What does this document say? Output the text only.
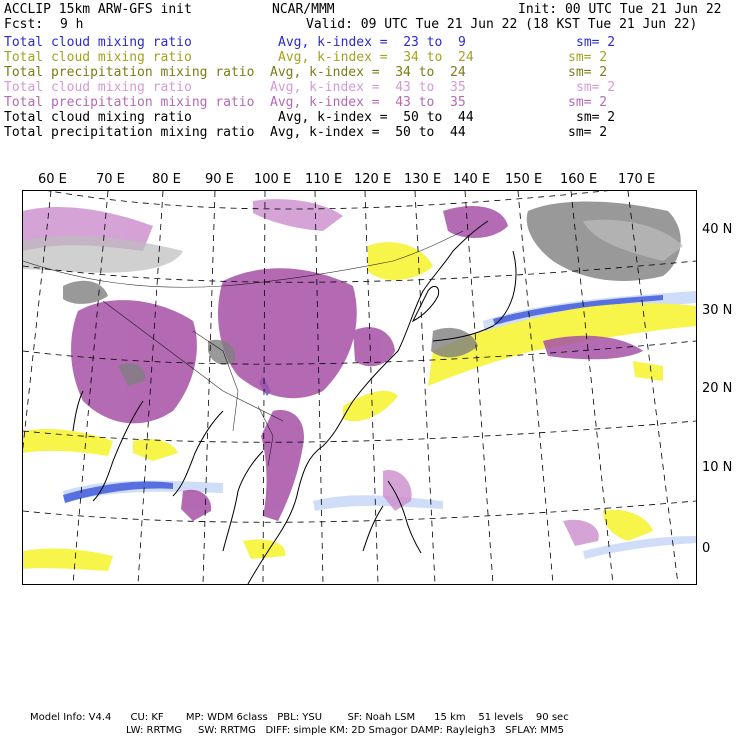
ACCLIP 15km ARW-GFS init	NCAR/MMM	Init: 00 UTC Tue 21 Jun 22
Fcst: 9 h	Valid: 09 UTC Tue 21 Jun 22 (18 KST Tue 21 Jun 22)
Total cloud mixing ratio	Avg, k-index =  23 to  9	sm= 2
Total cloud mixing ratio	Avg, k-index =  34 to  24	sm= 2
Total precipitation mixing ratio Avg, k-index =  34 to  24	sm= 2
Total cloud mixing ratio	Avg, k-index =  43 to  35	sm= 2
Total precipitation mixing ratio Avg, k-index =  43 to  35	sm= 2
Total cloud mixing ratio	Avg, k-index =  50 to  44	sm= 2
Total precipitation mixing ratio Avg, k-index =  50 to  44	sm= 2
60 E 70 E 80 E 90 E 100 E 110 E 120 E 130 E 140 E 150 E 160 E 170 E
40 N
30 N
20 N
10 N
0
Model Info: V4.4      CU: KF       MP: WDM 6class   PBL: YSU        SF: Noah LSM      15 km    51 levels    90 sec
LW: RRTMG     SW: RRTMG   DIFF: simple KM: 2D Smagor DAMP: Rayleigh3   SFLAY: MM5
